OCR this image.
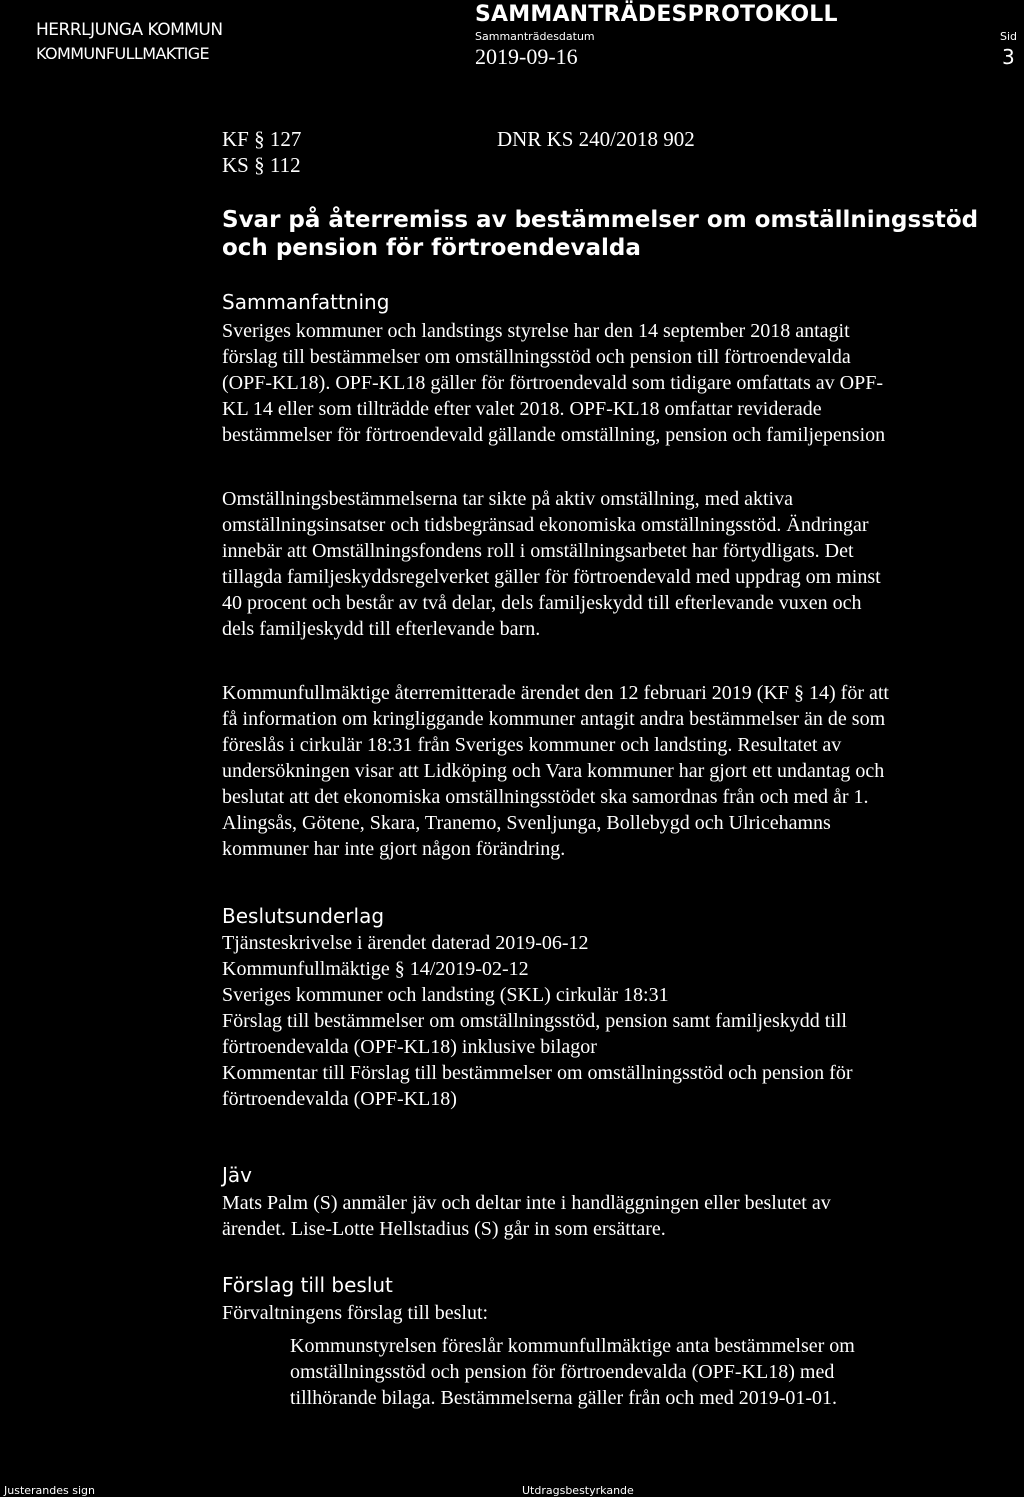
HERRLJUNGA KOMMUN
KOMMUNFULLMAKTIGE
SAMMANTRÄDESPROTOKOLL
Sammanträdesdatum
2019-09-16
Sid
3
KF § 127
KS § 112
DNR KS 240/2018 902
Svar på återremiss av bestämmelser om omställningsstöd och pension för förtroendevalda
Sammanfattning
Sveriges kommuner och landstings styrelse har den 14 september 2018 antagit
förslag till bestämmelser om omställningsstöd och pension till förtroendevalda
(OPF-KL18). OPF-KL18 gäller för förtroendevald som tidigare omfattats av OPF-
KL 14 eller som tillträdde efter valet 2018. OPF-KL18 omfattar reviderade
bestämmelser för förtroendevald gällande omställning, pension och familjepension
Omställningsbestämmelserna tar sikte på aktiv omställning, med aktiva
omställningsinsatser och tidsbegränsad ekonomiska omställningsstöd. Ändringar
innebär att Omställningsfondens roll i omställningsarbetet har förtydligats. Det
tillagda familjeskyddsregelverket gäller för förtroendevald med uppdrag om minst
40 procent och består av två delar, dels familjeskydd till efterlevande vuxen och
dels familjeskydd till efterlevande barn.
Kommunfullmäktige återremitterade ärendet den 12 februari 2019 (KF § 14) för att
få information om kringliggande kommuner antagit andra bestämmelser än de som
föreslås i cirkulär 18:31 från Sveriges kommuner och landsting. Resultatet av
undersökningen visar att Lidköping och Vara kommuner har gjort ett undantag och
beslutat att det ekonomiska omställningsstödet ska samordnas från och med år 1.
Alingsås, Götene, Skara, Tranemo, Svenljunga, Bollebygd och Ulricehamns
kommuner har inte gjort någon förändring.
Beslutsunderlag
Tjänsteskrivelse i ärendet daterad 2019-06-12
Kommunfullmäktige § 14/2019-02-12
Sveriges kommuner och landsting (SKL) cirkulär 18:31
Förslag till bestämmelser om omställningsstöd, pension samt familjeskydd till
förtroendevalda (OPF-KL18) inklusive bilagor
Kommentar till Förslag till bestämmelser om omställningsstöd och pension för
förtroendevalda (OPF-KL18)
Jäv
Mats Palm (S) anmäler jäv och deltar inte i handläggningen eller beslutet av
ärendet. Lise-Lotte Hellstadius (S) går in som ersättare.
Förslag till beslut
Förvaltningens förslag till beslut:
Kommunstyrelsen föreslår kommunfullmäktige anta bestämmelser om
omställningsstöd och pension för förtroendevalda (OPF-KL18) med
tillhörande bilaga. Bestämmelserna gäller från och med 2019-01-01.
Justerandes sign	Utdragsbestyrkande
